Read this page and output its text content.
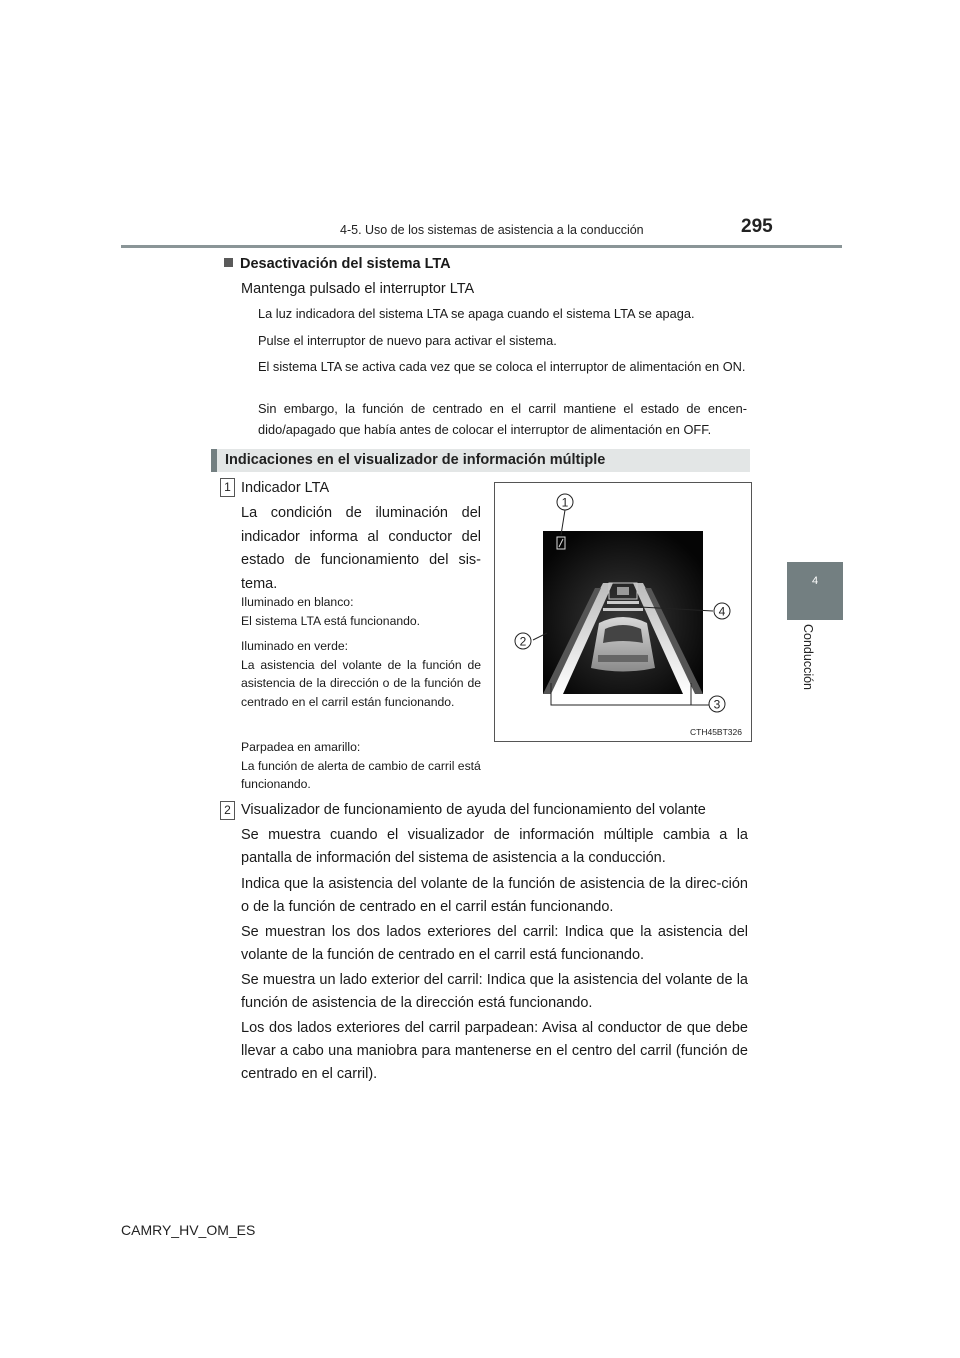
4-5. Uso de los sistemas de asistencia a la conducción	295
4
Conducción
Desactivación del sistema LTA
Mantenga pulsado el interruptor LTA
La luz indicadora del sistema LTA se apaga cuando el sistema LTA se apaga.
Pulse el interruptor de nuevo para activar el sistema.
El sistema LTA se activa cada vez que se coloca el interruptor de alimentación en ON.
Sin embargo, la función de centrado en el carril mantiene el estado de encen-dido/apagado que había antes de colocar el interruptor de alimentación en OFF.
Indicaciones en el visualizador de información múltiple
1 Indicador LTA
La condición de iluminación del indicador informa al conductor del estado de funcionamiento del sis-tema.
Iluminado en blanco:
El sistema LTA está funcionando.
Iluminado en verde:
La asistencia del volante de la función de asistencia de la dirección o de la función de centrado en el carril están funcionando.
Parpadea en amarillo:
La función de alerta de cambio de carril está funcionando.
1
2
3
4
CTH45BT326
2 Visualizador de funcionamiento de ayuda del funcionamiento del volante
Se muestra cuando el visualizador de información múltiple cambia a la pantalla de información del sistema de asistencia a la conducción.
Indica que la asistencia del volante de la función de asistencia de la direc-ción o de la función de centrado en el carril están funcionando.
Se muestran los dos lados exteriores del carril: Indica que la asistencia del volante de la función de centrado en el carril está funcionando.
Se muestra un lado exterior del carril: Indica que la asistencia del volante de la función de asistencia de la dirección está funcionando.
Los dos lados exteriores del carril parpadean: Avisa al conductor de que debe llevar a cabo una maniobra para mantenerse en el centro del carril (función de centrado en el carril).
CAMRY_HV_OM_ES
